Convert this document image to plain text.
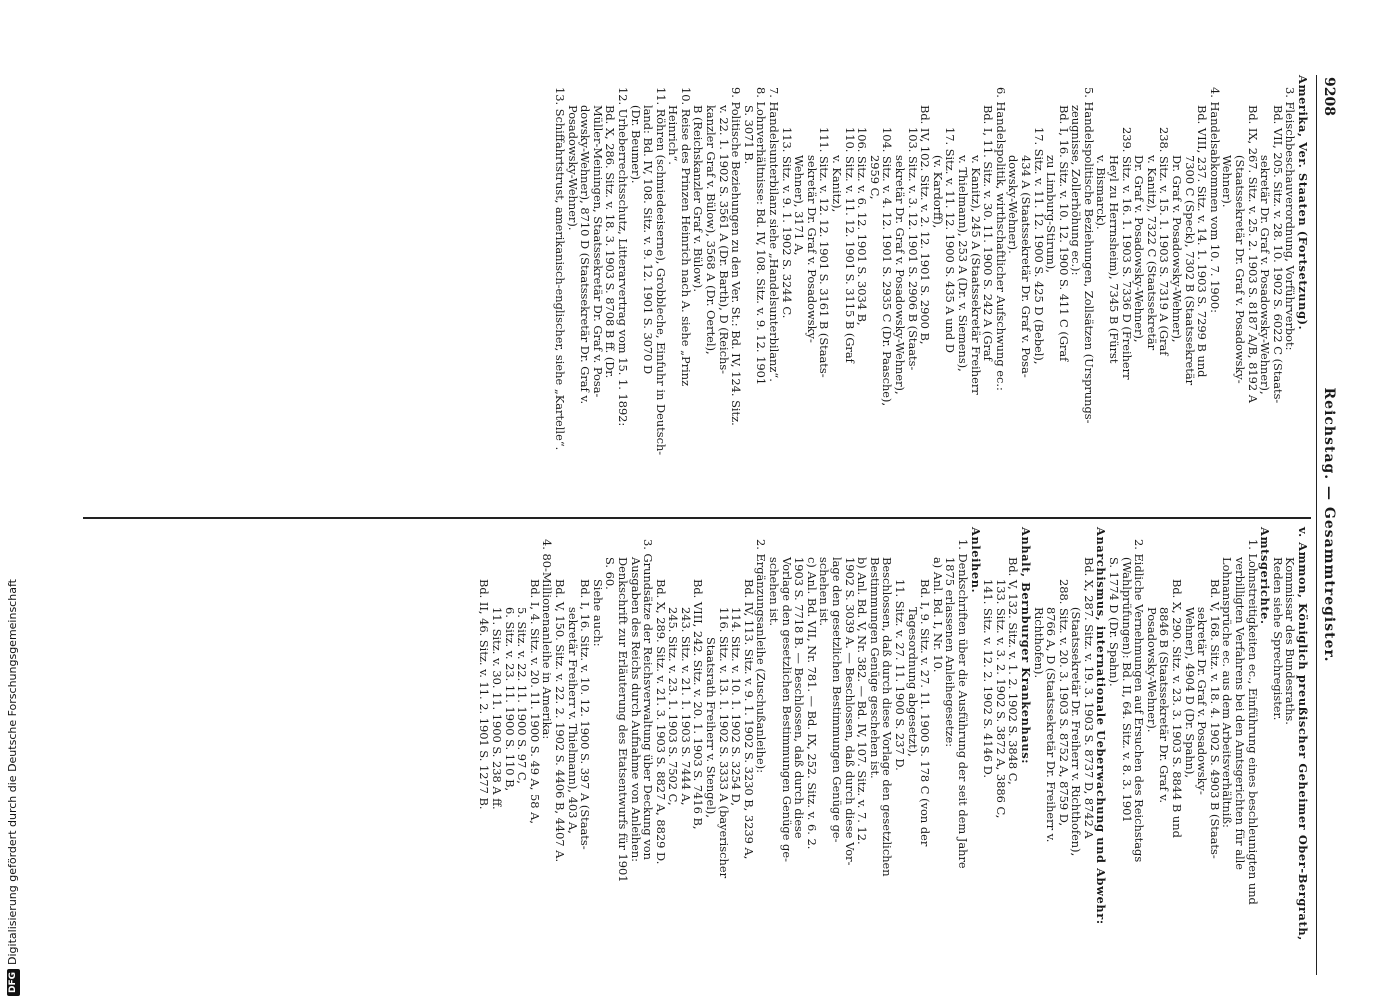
DFG
Digitalisierung gefördert durch die Deutsche Forschungsgemeinschaft
9208
Reichstag. — Gesammtregister.
Amerika, Ver. Staaten (Fortsetzung).
3. Fleischbeschauverordnung, Vorführverbot:
Bd. VII, 205. Sitz. v. 28. 10. 1902 S. 6022 C (Staats-
sekretär Dr. Graf v. Posadowsky-Wehner),
Bd. IX, 267. Sitz. v. 25. 2. 1903 S. 8187 A/B, 8192 A
(Staatssekretär Dr. Graf v. Posadowsky-
Wehner).
4. Handelsabkommen vom 10. 7. 1900:
Bd. VIII, 237. Sitz. v. 14. 1. 1903 S. 7299 B und
7300 C (Speck), 7302 B (Staatssekretär
Dr. Graf v. Posadowsky-Wehner),
238. Sitz. v. 15. 1. 1903 S. 7319 A (Graf
v. Kanitz), 7322 C (Staatssekretär
Dr. Graf v. Posadowsky-Wehner),
239. Sitz. v. 16. 1. 1903 S. 7336 D (Freiherr
Heyl zu Herrnsheim), 7345 B (Fürst
v. Bismarck).
5. Handelspolitische Beziehungen, Zollsätzen (Ursprungs-
zeugnisse, Zollerhöhung ec.):
Bd. I, 16. Sitz. v. 10. 12. 1900 S. 411 C (Graf
zu Limburg-Stirum),
17. Sitz. v. 11. 12. 1900 S. 425 D (Bebel),
434 A (Staatssekretär Dr. Graf v. Posa-
dowsky-Wehner).
6. Handelspolitik, wirthschaftlicher Aufschwung ec.:
Bd. I, 11. Sitz. v. 30. 11. 1900 S. 242 A (Graf
v. Kanitz), 245 A (Staatssekretär Freiherr
v. Thielmann), 253 A (Dr. v. Siemens),
17. Sitz. v. 11. 12. 1900 S. 435 A und D
(v. Kardorff),
Bd. IV, 102. Sitz. v. 2. 12. 1901 S. 2900 B,
103. Sitz. v. 3. 12. 1901 S. 2906 B (Staats-
sekretär Dr. Graf v. Posadowsky-Wehner),
104. Sitz. v. 4. 12. 1901 S. 2935 C (Dr. Paasche),
2959 C,
106. Sitz. v. 6. 12. 1901 S. 3034 B,
110. Sitz. v. 11. 12. 1901 S. 3115 B (Graf
v. Kanitz),
111. Sitz. v. 12. 12. 1901 S. 3161 B (Staats-
sekretär Dr. Graf v. Posadowsky-
Wehner), 3171 A,
113. Sitz. v. 9. 1. 1902 S. 3244 C.
7. Handelsunterbilanz siehe „Handelsunterbilanz“.
8. Lohnverhältnisse: Bd. IV, 108. Sitz. v. 9. 12. 1901
S. 3071 B.
9. Politische Beziehungen zu den Ver. St.: Bd. IV, 124. Sitz.
v. 22. 1. 1902 S. 3561 A (Dr. Barth), D (Reichs-
kanzler Graf v. Bülow), 3568 A (Dr. Oertel),
B (Reichskanzler Graf v. Bülow).
10. Reise des Prinzen Heinrich nach A. siehe „Prinz
Heinrich“.
11. Röhren (schmiedeeiserne), Grobbleche, Einfuhr in Deutsch-
land: Bd. IV, 108. Sitz. v. 9. 12. 1901 S. 3070 D
(Dr. Beumer).
12. Urheberrechtsschutz, Litterarvertrag vom 15. 1. 1892:
Bd. X, 286. Sitz. v. 18. 3. 1903 S. 8708 B ff. (Dr.
Müller-Meiningen, Staatssekretär Dr. Graf v. Posa-
dowsky-Wehner), 8710 D (Staatssekretär Dr. Graf v.
Posadowsky-Wehner).
13. Schiffahrtstrust, amerikanisch-englischer, siehe „Kartelle“.
v. Ammon, Königlich preußischer Geheimer Ober-Bergrath,
Kommissar des Bundesraths.
Reden siehe Sprechregister.
Amtsgerichte.
1. Lohnstreitigkeiten ec., Einführung eines beschleunigten und
verbilligten Verfahrens bei den Amtsgerichten für alle
Lohnansprüche ec. aus dem Arbeitsverhältniß:
Bd. V, 168. Sitz. v. 18. 4. 1902 S. 4903 B (Staats-
sekretär Dr. Graf v. Posadowsky-
Wehner), 4904 D (Dr. Spahn),
Bd. X, 290. Sitz. v. 23. 3. 1903 S. 8844 B und
8846 B (Staatssekretär Dr. Graf v.
Posadowsky-Wehner).
2. Eidliche Vernehmungen auf Ersuchen des Reichstags
(Wahlprüfungen): Bd. II, 64. Sitz. v. 8. 3. 1901
S. 1774 D (Dr. Spahn).
Anarchismus, internationale Ueberwachung und Abwehr:
Bd. X, 287. Sitz. v. 19. 3. 1903 S. 8737 D, 8742 A
(Staatssekretär Dr. Freiherr v. Richthofen),
288. Sitz. v. 20. 3. 1903 S. 8752 A, 8759 D,
8766 A, D (Staatssekretär Dr. Freiherr v.
Richthofen).
Anhalt, Bernburger Krankenhaus:
Bd. V, 132. Sitz. v. 1. 2. 1902 S. 3848 C,
133. Sitz. v. 3. 2. 1902 S. 3872 A, 3886 C,
141. Sitz. v. 12. 2. 1902 S. 4146 D.
Anleihen.
1. Denkschriften über die Ausführung der seit dem Jahre
1875 erlassenen Anleihegesetze:
a) Anl. Bd. I, Nr. 10.
Bd. I, 9. Sitz. v. 27. 11. 1900 S. 178 C (von der
Tagesordnung abgesetzt),
11. Sitz. v. 27. 11. 1900 S. 237 D.
Beschlossen, daß durch diese Vorlage den gesetzlichen
Bestimmungen Genüge geschehen ist.
b) Anl. Bd. V, Nr. 382. — Bd. IV, 107. Sitz. v. 7. 12.
1902 S. 3039 A. — Beschlossen, daß durch diese Vor-
lage den gesetzlichen Bestimmungen Genüge ge-
schehen ist.
c) Anl. Bd. VII, Nr. 781. — Bd. IX, 252. Sitz. v. 6. 2.
1903 S. 7718 B. — Beschlossen, daß durch diese
Vorlage den gesetzlichen Bestimmungen Genüge ge-
schehen ist.
2. Ergänzungsanleihe (Zuschußanleihe):
Bd. IV, 113. Sitz. v. 9. 1. 1902 S. 3230 B, 3239 A,
114. Sitz. v. 10. 1. 1902 S. 3254 D,
116. Sitz. v. 13. 1. 1902 S. 3333 A (bayerischer
Staatsrath Freiherr v. Stengel),
Bd. VIII, 242. Sitz. v. 20. 1. 1903 S. 7416 B,
243. Sitz. v. 21. 1. 1903 S. 7444 A,
245. Sitz. v. 23. 1. 1903 S. 7502 C,
Bd. X, 289. Sitz. v. 21. 3. 1903 S. 8827 A, 8829 D.
3. Grundsätze der Reichsverwaltung über Deckung von
Ausgaben des Reichs durch Aufnahme von Anleihen:
Denkschrift zur Erläuterung des Etatsentwurfs für 1901
S. 60.
Siehe auch:
Bd. I, 16. Sitz. v. 10. 12. 1900 S. 397 A (Staats-
sekretär Freiherr v. Thielmann), 403 A,
Bd. V, 150. Sitz. v. 22. 2. 1902 S. 4406 B, 4407 A.
4. 80-Millionenanleihe in Amerika:
Bd. I, 4. Sitz. v. 20. 11. 1900 S. 49 A, 58 A,
5. Sitz. v. 22. 11. 1900 S. 97 C,
6. Sitz. v. 23. 11. 1900 S. 110 B,
11. Sitz. v. 30. 11. 1900 S. 238 A ff.
Bd. II, 46. Sitz. v. 11. 2. 1901 S. 1277 B.
